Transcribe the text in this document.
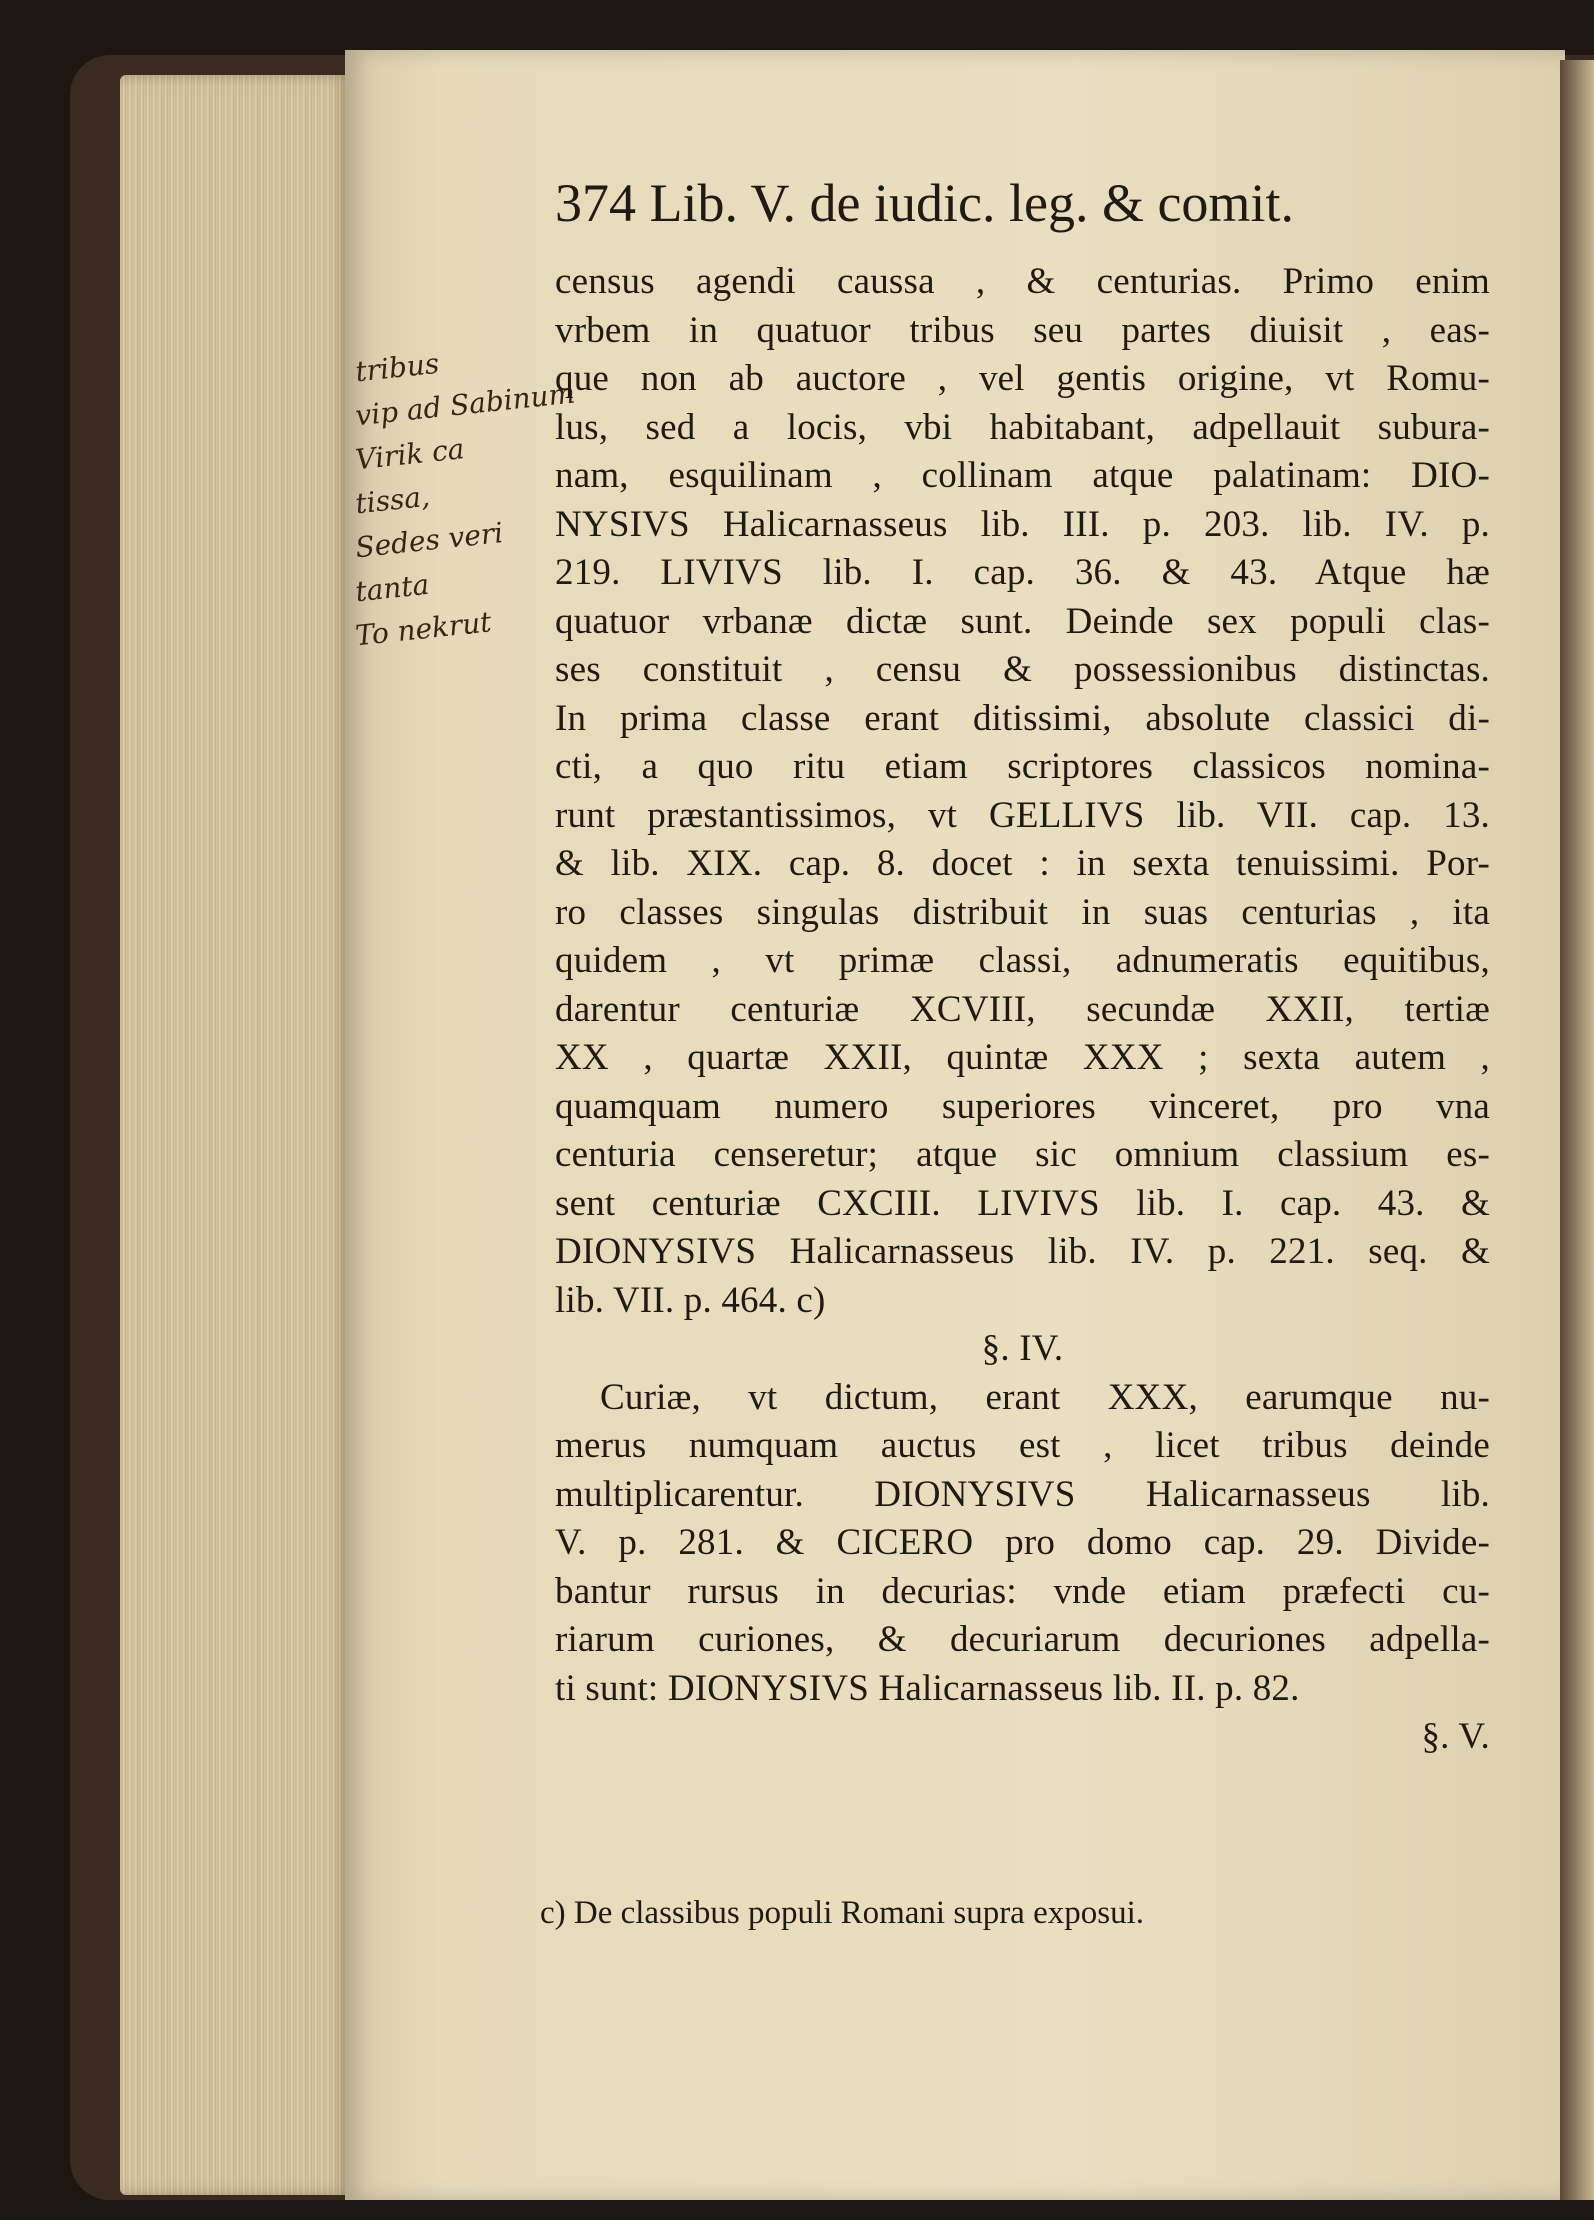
374 Lib. V. de iudic. leg. & comit.
tribus
vip ad Sabinum
Virik ca
tissa,
Sedes veri
tanta
To nekrut
census agendi caussa , & centurias. Primo enim
vrbem in quatuor tribus seu partes diuisit , eas-
que non ab auctore , vel gentis origine, vt Romu-
lus, sed a locis, vbi habitabant, adpellauit suburа-
nam, esquilinam , collinam atque palatinam: DIO-
NYSIVS Halicarnasseus lib. III. p. 203. lib. IV. p.
219. LIVIVS lib. I. cap. 36. & 43. Atque hæ
quatuor vrbanæ dictæ sunt. Deinde sex populi clas-
ses constituit , censu & possessionibus distinctas.
In prima classe erant ditissimi, absolute classici di-
cti, a quo ritu etiam scriptores classicos nomina-
runt præstantissimos, vt GELLIVS lib. VII. cap. 13.
& lib. XIX. cap. 8. docet : in sexta tenuissimi. Por-
ro classes singulas distribuit in suas centurias , ita
quidem , vt primæ classi, adnumeratis equitibus,
darentur centuriæ XCVIII, secundæ XXII, tertiæ
XX , quartæ XXII, quintæ XXX ; sexta autem ,
quamquam numero superiores vinceret, pro vna
centuria censeretur; atque sic omnium classium es-
sent centuriæ CXCIII. LIVIVS lib. I. cap. 43. &
DIONYSIVS Halicarnasseus lib. IV. p. 221. seq. &
lib. VII. p. 464. c)
§. IV.
Curiæ, vt dictum, erant XXX, earumque nu-
merus numquam auctus est , licet tribus deinde
multiplicarentur. DIONYSIVS Halicarnasseus lib.
V. p. 281. & CICERO pro domo cap. 29. Divide-
bantur rursus in decurias: vnde etiam præfecti cu-
riarum curiones, & decuriarum decuriones adpella-
ti sunt: DIONYSIVS Halicarnasseus lib. II. p. 82.
§. V.
c) De classibus populi Romani supra exposui.
